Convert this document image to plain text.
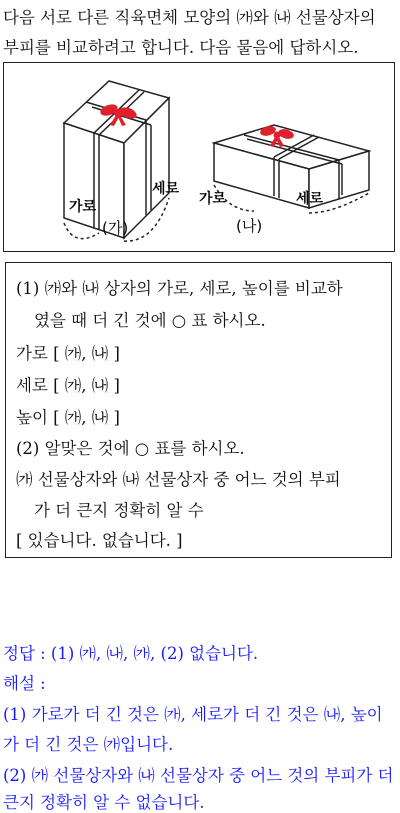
다음 서로 다른 직육면체 모양의 ㈎와 ㈏ 선물상자의
부피를 비교하려고 합니다. 다음 물음에 답하시오.
가로
세로
(가)
가로	세로
(나)
(1) ㈎와 ㈏ 상자의 가로, 세로, 높이를 비교하
였을 때 더 긴 것에 ○ 표 하시오.
가로 [ ㈎, ㈏ ]
세로 [ ㈎, ㈏ ]
높이 [ ㈎, ㈏ ]
(2) 알맞은 것에 ○ 표를 하시오.
㈎ 선물상자와 ㈏ 선물상자 중 어느 것의 부피
가 더 큰지 정확히 알 수
[ 있습니다. 없습니다. ]
정답 : (1) ㈎, ㈏, ㈎, (2) 없습니다.
해설 :
(1) 가로가 더 긴 것은 ㈎, 세로가 더 긴 것은 ㈏, 높이
가 더 긴 것은 ㈎입니다.
(2) ㈎ 선물상자와 ㈏ 선물상자 중 어느 것의 부피가 더
큰지 정확히 알 수 없습니다.
